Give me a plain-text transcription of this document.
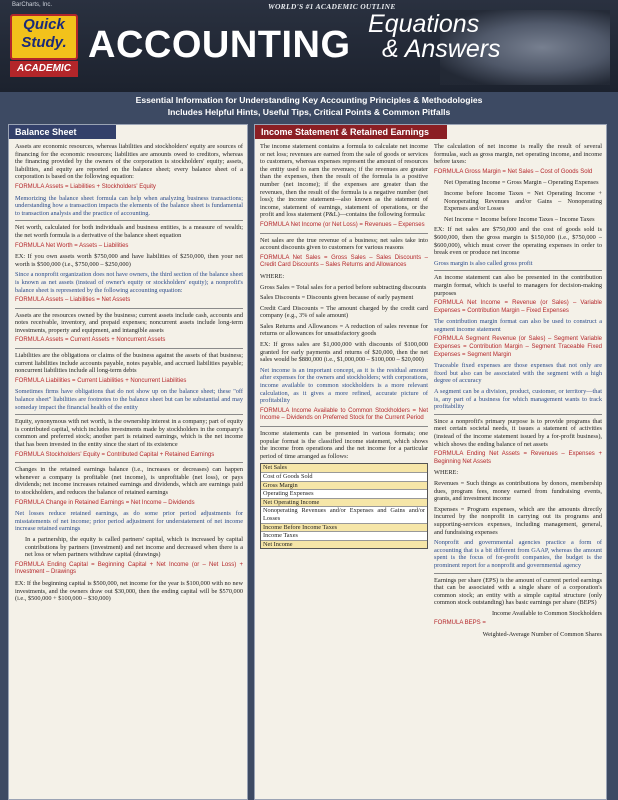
BarCharts, Inc.	WORLD'S #1 ACADEMIC OUTLINE
Quick
Study.
ACADEMIC
ACCOUNTING Equations
& Answers
Essential Information for Understanding Key Accounting Principles & Methodologies
Includes Helpful Hints, Useful Tips, Critical Points & Common Pitfalls
Balance Sheet

Assets are economic resources, whereas liabilities and stockholders' equity are sources of financing for the economic resources; liabilities are amounts owed to creditors, whereas the financing provided by the owners of the corporation is stockholders' equity; assets, liabilities, and equity are reported on the balance sheet; every balance sheet of a corporation is based on the following equation:

FORMULA Assets = Liabilities + Stockholders' Equity

Memorizing the balance sheet formula can help when analyzing business transactions; understanding how a transaction impacts the elements of the balance sheet is fundamental to transaction analysis and the practice of accounting.

Net worth, calculated for both individuals and business entities, is a measure of wealth; the net worth formula is a derivative of the balance sheet equation

FORMULA Net Worth = Assets – Liabilities

EX: If you own assets worth $750,000 and have liabilities of $250,000, then your net worth is $500,000 (i.e., $750,000 – $250,000)

Since a nonprofit organization does not have owners, the third section of the balance sheet is known as net assets (instead of owner's equity or stockholders' equity); a nonprofit's balance sheet is represented by the following accounting equation:

FORMULA Assets – Liabilities = Net Assets

Assets are the resources owned by the business; current assets include cash, accounts and notes receivable, inventory, and prepaid expenses; noncurrent assets include long-term investments, property and equipment, and intangible assets

FORMULA Assets = Current Assets + Noncurrent Assets

Liabilities are the obligations or claims of the business against the assets of that business; current liabilities include accounts payable, notes payable, and accrued liabilities payable; noncurrent liabilities include all long-term debts

FORMULA Liabilities = Current Liabilities + Noncurrent Liabilities

Sometimes firms have obligations that do not show up on the balance sheet; these "off balance sheet" liabilities are footnotes to the balance sheet but can be substantial and may someday impact the financial health of the entity

Equity, synonymous with net worth, is the ownership interest in a company; part of equity is contributed capital, which includes investments made by stockholders in the company's common and preferred stock; another part is retained earnings, which is the net income that has been invested in the entity since the start of its existence

FORMULA Stockholders' Equity = Contributed Capital + Retained Earnings

Changes in the retained earnings balance (i.e., increases or decreases) can happen whenever a company is profitable (net income), is unprofitable (net loss), or pays dividends; net income increases retained earnings and dividends, which are earnings paid to stockholders, and reduces the balance of retained earnings

FORMULA Change in Retained Earnings = Net Income – Dividends

Net losses reduce retained earnings, as do some prior period adjustments for misstatements of net income; prior period adjustment for understatement of net income increase retained earnings

In a partnership, the equity is called partners' capital, which is increased by capital contributions by partners (investment) and net income and decreased when there is a net loss or when partners withdraw capital (drawings)

FORMULA Ending Capital = Beginning Capital + Net Income (or – Net Loss) + Investment – Drawings

EX: If the beginning capital is $500,000, net income for the year is $100,000 with no new investments, and the owners draw out $30,000, then the ending capital will be $570,000 (i.e., $500,000 + $100,000 – $30,000)

Income Statement & Retained Earnings

The income statement contains a formula to calculate net income or net loss; revenues are earned from the sale of goods or services to customers, whereas expenses represent the amount of resources the entity used to earn the revenues; if the revenues are greater than the expenses, then the result of the formula is a positive number (net income); if the expenses are greater than the revenues, then the result of the formula is a negative number (net loss); the income statement—also known as the statement of income, statement of earnings, statement of operations, or the profit and loss statement (P&L)—contains the following formula:

FORMULA Net Income (or Net Loss) = Revenues – Expenses

Net sales are the true revenue of a business; net sales take into account discounts given to customers for various reasons

FORMULA Net Sales = Gross Sales – Sales Discounts – Credit Card Discounts – Sales Returns and Allowances

WHERE:

Gross Sales = Total sales for a period before subtracting discounts

Sales Discounts = Discounts given because of early payment

Credit Card Discounts = The amount charged by the credit card company (e.g., 3% of sale amount)

Sales Returns and Allowances = A reduction of sales revenue for returns or allowances for unsatisfactory goods

EX: If gross sales are $1,000,000 with discounts of $100,000 granted for early payments and returns of $20,000, then the net sales would be $880,000 (i.e., $1,000,000 – $100,000 – $20,000)

Net income is an important concept, as it is the residual amount after expenses for the owners and stockholders; with corporations, income available to common stockholders is a more relevant calculation, as it gives a more refined, accurate picture of profitability

FORMULA Income Available to Common Stockholders = Net Income – Dividends on Preferred Stock for the Current Period

Income statements can be presented in various formats; one popular format is the classified income statement, which shows the income from operations and the net income for a particular period of time arranged as follows:

Net Sales
Cost of Goods Sold
Gross Margin
Operating Expenses
Net Operating Income
Nonoperating Revenues and/or Expenses and Gains and/or Losses
Income Before Income Taxes
Income Taxes
Net Income

The calculation of net income is really the result of several formulas, such as gross margin, net operating income, and income before taxes:

FORMULA Gross Margin = Net Sales – Cost of Goods Sold

Net Operating Income = Gross Margin – Operating Expenses

Income before Income Taxes = Net Operating Income + Nonoperating Revenues and/or Gains – Nonoperating Expenses and/or Losses

Net Income = Income before Income Taxes – Income Taxes

EX: If net sales are $750,000 and the cost of goods sold is $600,000, then the gross margin is $150,000 (i.e., $750,000 – $600,000), which must cover the operating expenses in order to break even or produce net income

Gross margin is also called gross profit

An income statement can also be presented in the contribution margin format, which is useful to managers for decision-making purposes

FORMULA Net Income = Revenue (or Sales) – Variable Expenses = Contribution Margin – Fixed Expenses

The contribution margin format can also be used to construct a segment income statement

FORMULA Segment Revenue (or Sales) – Segment Variable Expenses = Contribution Margin – Segment Traceable Fixed Expenses = Segment Margin

Traceable fixed expenses are those expenses that not only are fixed but also can be associated with the segment with a high degree of accuracy

A segment can be a division, product, customer, or territory—that is, any part of a business for which management wants to track profitability

Since a nonprofit's primary purpose is to provide programs that meet certain societal needs, it issues a statement of activities (instead of the income statement issued by a for-profit business), which shows the ending balance of net assets

FORMULA Ending Net Assets = Revenues – Expenses + Beginning Net Assets

WHERE:

Revenues = Such things as contributions by donors, membership dues, program fees, money earned from fundraising events, grants, and investment income

Expenses = Program expenses, which are the amounts directly incurred by the nonprofit in carrying out its programs and supporting-services expenses, including management, general, and fundraising expenses

Nonprofit and governmental agencies practice a form of accounting that is a bit different from GAAP, whereas the amount spent is the focus of for-profit companies, the budget is the prominent report for a nonprofit and governmental agency

Earnings per share (EPS) is the amount of current period earnings that can be associated with a single share of a corporation's common stock; an entity with a simple capital structure (only common stock outstanding) has basic earnings per share (BEPS)

Income Available to Common Stockholders

FORMULA BEPS =

Weighted-Average Number of Common Shares
